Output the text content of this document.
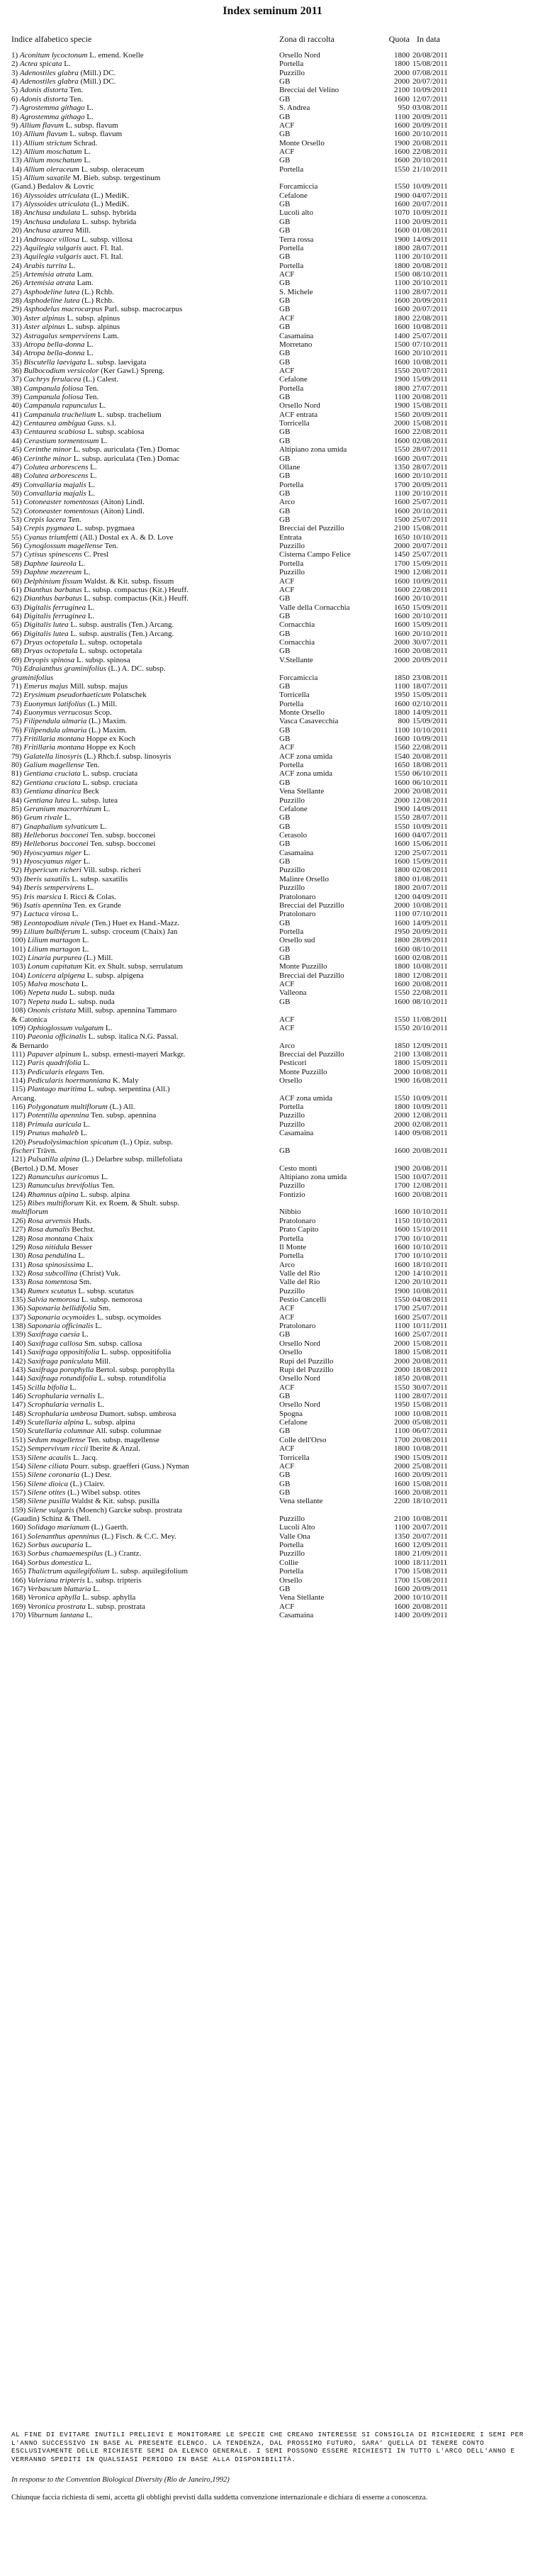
Index seminum 2011
Indice alfabetico specie	Zona di raccolta	Quota In data
1) Aconitum lycoctonum L. emend. Koelle	Orsello Nord	1800 20/08/2011
2) Actea spicata L.	Portella	1800 15/08/2011
3) Adenostiles glabra (Mill.) DC.	Puzzillo	2000 07/08/2011
4) Adenostiles glabra (Mill.) DC.	GB	2000 20/07/2011
5) Adonis distorta Ten.	Brecciai del Velino	2100 10/09/2011
6) Adonis distorta Ten.	GB	1600 12/07/2011
7) Agrostemma githago L.	S. Andrea	950 03/08/2011
8) Agrostemma githago L.	GB	1100 20/09/2011
9) Allium flavum L. subsp. flavum	ACF	1600 20/09/2011
10) Allium flavum L. subsp. flavum	GB	1600 20/10/2011
11) Allium strictum Schrad.	Monte Orsello	1900 20/08/2011
12) Allium moschatum L.	ACF	1600 22/08/2011
13) Allium moschatum L.	GB	1600 20/10/2011
14) Allium oleraceum L. subsp. oleraceum	Portella	1550 21/10/2011
15) Allium saxatile M. Bieb. subsp. tergestinum
(Gand.) Bedalov & Lovric	Forcamiccia	1550 10/09/2011
16) Alyssoides utriculata (L.) MediK.	Cefalone	1900 04/07/2011
17) Alyssoides utriculata (L.) MediK.	GB	1600 20/07/2011
18) Anchusa undulata L. subsp. hybrida	Lucoli alto	1070 10/09/2011
19) Anchusa undulata L. subsp. hybrida	GB	1100 20/09/2011
20) Anchusa azurea Mill.	GB	1600 01/08/2011
21) Androsace villosa L. subsp. villosa	Terra rossa	1900 14/09/2011
22) Aquilegia vulgaris auct. Fl. Ital.	Portella	1800 28/07/2011
23) Aquilegia vulgaris auct. Fl. Ital.	GB	1100 20/10/2011
24) Arabis turrita L.	Portella	1800 20/08/2011
25) Artemisia atrata Lam.	ACF	1500 08/10/2011
26) Artemisia atrata Lam.	GB	1100 20/10/2011
27) Asphodeline lutea (L.) Rchb.	S. Michele	1100 28/07/2011
28) Asphodeline lutea (L.) Rchb.	GB	1600 20/09/2011
29) Asphodelus macrocarpus Parl. subsp. macrocarpus	GB	1600 20/07/2011
30) Aster alpinus L. subsp. alpinus	ACF	1800 22/08/2011
31) Aster alpinus L. subsp. alpinus	GB	1600 10/08/2011
32) Astragalus sempervirens Lam.	Casamaina	1400 25/07/2011
33) Atropa bella-donna L.	Morretano	1500 07/10/2011
34) Atropa bella-donna L.	GB	1600 20/10/2011
35) Biscutella laevigata L. subsp. laevigata	GB	1600 10/08/2011
36) Bulbocodium versicolor (Ker Gawl.) Spreng.	ACF	1550 20/07/2011
37) Cachrys ferulacea (L.) Calest.	Cefalone	1900 15/09/2011
38) Campanula foliosa Ten.	Portella	1800 27/07/2011
39) Campanula foliosa Ten.	GB	1100 20/08/2011
40) Campanula rapunculus L.	Orsello Nord	1900 15/08/2011
41) Campanula trachelium L. subsp. trachelium	ACF entrata	1560 20/09/2011
42) Centaurea ambigua Guss. s.l.	Torricella	2000 15/08/2011
43) Centaurea scabiosa L. subsp. scabiosa	GB	1600 22/08/2011
44) Cerastium tormentosum L.	GB	1600 02/08/2011
45) Cerinthe minor L. subsp. auriculata (Ten.) Domac	Altipiano zona umida	1550 28/07/2011
46) Cerinthe minor L. subsp. auriculata (Ten.) Domac	GB	1600 20/07/2011
47) Colutea arborescens L.	Ollane	1350 28/07/2011
48) Colutea arborescens L.	GB	1600 20/10/2011
49) Convallaria majalis L.	Portella	1700 20/09/2011
50) Convallaria majalis L.	GB	1100 20/10/2011
51) Cotoneaster tomentosus (Aiton) Lindl.	Arco	1600 25/07/2011
52) Cotoneaster tomentosus (Aiton) Lindl.	GB	1600 20/10/2011
53) Crepis lacera Ten.	GB	1500 25/07/2011
54) Crepis pygmaea L. subsp. pygmaea	Brecciai del Puzzillo	2100 15/08/2011
55) Cyanus triumfetti (All.) Dostal ex A. & D. Love	Entrata	1650 10/10/2011
56) Cynoglossum magellense Ten.	Puzzillo	2000 20/07/2011
57) Cytisus spinescens C. Presl	Cisterna Campo Felice	1450 25/07/2011
58) Daphne laureola L.	Portella	1700 15/09/2011
59) Daphne mezereum L.	Puzzillo	1900 12/08/2011
60) Delphinium fissum Waldst. & Kit. subsp. fissum	ACF	1600 10/09/2011
61) Dianthus barbatus L. subsp. compactus (Kit.) Heuff.	ACF	1600 22/08/2011
62) Dianthus barbatus L. subsp. compactus (Kit.) Heuff.	GB	1600 20/10/2011
63) Digitalis ferruginea L.	Valle della Cornacchia	1650 15/09/2011
64) Digitalis ferruginea L.	GB	1600 20/10/2011
65) Digitalis lutea L. subsp. australis (Ten.) Arcang.	Cornacchia	1600 15/09/2011
66) Digitalis lutea L. subsp. australis (Ten.) Arcang.	GB	1600 20/10/2011
67) Dryas octopetala L. subsp. octopetala	Cornacchia	2000 30/07/2011
68) Dryas octopetala L. subsp. octopetala	GB	1600 20/08/2011
69) Dryopis spinosa L. subsp. spinosa	V.Stellante	2000 20/09/2011
70) Edraianthus graminifolius (L.) A. DC. subsp.
graminifolius	Forcamiccia	1850 23/08/2011
71) Emerus majus Mill. subsp. majus	GB	1100 18/07/2011
72) Erysimum pseudorhaeticum Polatschek	Torricella	1950 15/09/2011
73) Euonymus latifolius (L.) Mill.	Portella	1600 02/10/2011
74) Euonymus verrucosus Scop.	Monte Orsello	1800 14/09/2011
75) Filipendula ulmaria (L.) Maxim.	Vasca Casavecchia	800 15/09/2011
76) Filipendula ulmaria (L.) Maxim.	GB	1100 10/10/2011
77) Fritillaria montana Hoppe ex Koch	GB	1600 10/09/2011
78) Fritillaria montana Hoppe ex Koch	ACF	1560 22/08/2011
79) Galatella linosyris (L.) Rhcb.f. subsp. linosyris	ACF zona umida	1540 20/08/2011
80) Galium magellense Ten.	Portella	1650 18/08/2011
81) Gentiana cruciata L. subsp. cruciata	ACF zona umida	1550 06/10/2011
82) Gentiana cruciata L. subsp. cruciata	GB	1600 06/10/2011
83) Gentiana dinarica Beck	Vena Stellante	2000 20/08/2011
84) Gentiana lutea L. subsp. lutea	Puzzillo	2000 12/08/2011
85) Geranium macrorrhizum L.	Cefalone	1900 14/09/2011
86) Geum rivale L.	GB	1550 28/07/2011
87) Gnaphalium sylvaticum L.	GB	1550 10/09/2011
88) Helleborus bocconei Ten. subsp. bocconei	Cerasolo	1600 04/07/2011
89) Helleborus bocconei Ten. subsp. bocconei	GB	1600 15/06/2011
90) Hyoscyamus niger L.	Casamaina	1200 25/07/2011
91) Hyoscyamus niger L.	GB	1600 15/09/2011
92) Hypericum richeri Vill. subsp. richeri	Puzzillo	1800 02/08/2011
93) Iberis saxatilis L. subsp. saxatilis	Malinre Orsello	1800 01/08/2011
94) Iberis sempervirens L.	Puzzillo	1800 20/07/2011
95) Iris marsica I. Ricci & Colas.	Pratolonaro	1200 04/09/2011
96) Isatis apennina Ten. ex Grande	Brecciai del Puzzillo	2000 10/08/2011
97) Lactuca virosa L.	Pratolonaro	1100 07/10/2011
98) Leontopodium nivale (Ten.) Huet ex Hand.-Mazz.	GB	1600 14/09/2011
99) Lilium bulbiferum L. subsp. croceum (Chaix) Jan	Portella	1950 20/09/2011
100) Lilium martagon L.	Orsello sud	1800 28/09/2011
101) Lilium martagon L.	GB	1600 08/10/2011
102) Linaria purpurea (L.) Mill.	GB	1600 02/08/2011
103) Lonum capitatum Kit. ex Shult. subsp. serrulatum	Monte Puzzillo	1800 10/08/2011
104) Lonicera alpigena L. subsp. alpigena	Brecciai del Puzzillo	1800 12/08/2011
105) Malva moschata L.	ACF	1600 20/08/2011
106) Nepeta nuda L. subsp. nuda	Valleona	1550 22/08/2011
107) Nepeta nuda L. subsp. nuda	GB	1600 08/10/2011
108) Ononis cristata Mill. subsp. apennina Tammaro
& Catonica	ACF	1550 11/08/2011
109) Ophioglossum vulgatum L.	ACF	1550 20/10/2011
110) Paeonia officinalis L. subsp. italica N.G. Passal.
& Bernardo	Arco	1850 12/09/2011
111) Papaver alpinum L. subsp. ernesti-mayeri Markgr.	Brecciai del Puzzillo	2100 13/08/2011
112) Paris quadrifolia L.	Pesticori	1800 15/09/2011
113) Pedicularis elegans Ten.	Monte Puzzillo	2000 10/08/2011
114) Pedicularis hoermanniana K. Maly	Orsello	1900 16/08/2011
115) Plantago maritima L. subsp. serpentina (All.)
Arcang.	ACF zona umida	1550 10/09/2011
116) Polygonatum multiflorum (L.) All.	Portella	1800 10/09/2011
117) Potentilla apennina Ten. subsp. apennina	Puzzillo	2000 12/08/2011
118) Primula auricula L.	Puzzillo	2000 02/08/2011
119) Prunus mahaleb L.	Casamaina	1400 09/08/2011
120) Pseudolysimachion spicatum (L.) Opiz. subsp.
fischeri Trävn.	GB	1600 20/08/2011
121) Pulsatilla alpina (L.) Delarbre subsp. millefoliata
(Bertol.) D.M. Moser	Cesto monti	1900 20/08/2011
122) Ranunculus auricomus L.	Altipiano zona umida	1500 10/07/2011
123) Ranunculus brevifolius Ten.	Puzzillo	1700 12/08/2011
124) Rhamnus alpina L. subsp. alpina	Fontizio	1600 20/08/2011
125) Ribes multiflorum Kit. ex Roem. & Shult. subsp.
multiflorum	Nibbio	1600 10/10/2011
126) Rosa arvensis Huds.	Pratolonaro	1150 10/10/2011
127) Rosa dumalis Bechst.	Prato Capito	1600 15/10/2011
128) Rosa montana Chaix	Portella	1700 10/10/2011
129) Rosa nitidula Besser	Il Monte	1600 10/10/2011
130) Rosa pendulina L.	Portella	1700 10/10/2011
131) Rosa spinosissima L.	Arco	1600 18/10/2011
132) Rosa subcollina (Christ) Vuk.	Valle del Rio	1200 14/10/2011
133) Rosa tomentosa Sm.	Valle del Rio	1200 20/10/2011
134) Rumex scutatus L. subsp. scutatus	Puzzillo	1900 10/08/2011
135) Salvia nemorosa L. subsp. nemorosa	Pestio Cancelli	1550 04/08/2011
136) Saponaria bellidifolia Sm.	ACF	1700 25/07/2011
137) Saponaria ocymoides L. subsp. ocymoides	ACF	1600 25/07/2011
138) Saponaria officinalis L.	Pratolonaro	1100 10/11/2011
139) Saxifraga caesia L.	GB	1600 25/07/2011
140) Saxifraga callosa Sm. subsp. callosa	Orsello Nord	2000 15/08/2011
141) Saxifraga oppositifolia L. subsp. oppositifolia	Orsello	1800 15/08/2011
142) Saxifraga paniculata Mill.	Rupi del Puzzillo	2000 20/08/2011
143) Saxifraga porophylla Bertol. subsp. porophylla	Rupi del Puzzillo	2000 18/08/2011
144) Saxifraga rotundifolia L. subsp. rotundifolia	Orsello Nord	1850 20/08/2011
145) Scilla bifolia L.	ACF	1550 30/07/2011
146) Scrophularia vernalis L.	GB	1100 28/07/2011
147) Scrophularia vernalis L.	Orsello Nord	1950 15/08/2011
148) Scrophularia umbrosa Dumort. subsp. umbrosa	Spogna	1000 10/08/2011
149) Scutellaria alpina L. subsp. alpina	Cefalone	2000 05/08/2011
150) Scutellaria columnae All. subsp. columnae	GB	1100 06/07/2011
151) Sedum magellense Ten. subsp. magellense	Colle dell'Orso	1700 20/08/2011
152) Sempervivum riccii Iberite & Anzal.	ACF	1800 10/08/2011
153) Silene acaulis L. Jacq.	Torricella	1900 15/09/2011
154) Silene ciliata Pourr. subsp. graefferi (Guss.) Nyman	ACF	2000 25/08/2011
155) Silene coronaria (L.) Desr.	GB	1600 20/09/2011
156) Silene dioica (L.) Clairv.	GB	1600 15/08/2011
157) Silene otites (L.) Wibel subsp. otites	GB	1600 20/08/2011
158) Silene pusilla Waldst & Kit. subsp. pusilla	Vena stellante	2200 18/10/2011
159) Silene vulgaris (Moench) Garcke subsp. prostrata
(Gaudin) Schinz & Thell.	Puzzillo	2100 10/08/2011
160) Solidago marianum (L.) Gaerth.	Lucoli Alto	1100 20/07/2011
161) Solenanthus apenninus (L.) Fisch. & C.C. Mey.	Valle Ona	1350 20/07/2011
162) Sorbus aucuparia L.	Portella	1600 12/09/2011
163) Sorbus chamaemespilus (L.) Crantz.	Puzzillo	1800 21/09/2011
164) Sorbus domestica L.	Collie	1000 18/11/2011
165) Thalictrum aquilegifolium L. subsp. aquilegifolium	Portella	1700 15/08/2011
166) Valeriana tripteris L. subsp. tripteris	Orsello	1700 15/08/2011
167) Verbascum blattaria L.	GB	1600 20/09/2011
168) Veronica aphylla L. subsp. aphylla	Vena Stellante	2000 10/10/2011
169) Veronica prostrata L. subsp. prostrata	ACF	1600 20/08/2011
170) Viburnum lantana L.	Casamaina	1400 20/09/2011

AL FINE DI EVITARE INUTILI PRELIEVI E MONITORARE LE SPECIE CHE CREANO INTERESSE SI CONSIGLIA DI RICHIEDERE I SEMI PER L'ANNO SUCCESSIVO IN BASE AL PRESENTE ELENCO. LA TENDENZA, DAL PROSSIMO FUTURO, SARA' QUELLA DI TENERE CONTO ESCLUSIVAMENTE DELLE RICHIESTE SEMI DA ELENCO GENERALE. I SEMI POSSONO ESSERE RICHIESTI IN TUTTO L'ARCO DELL'ANNO E VERRANNO SPEDITI IN QUALSIASI PERIODO IN BASE ALLA DISPONIBILITÀ.

In response to the Convention Biological Diversity (Rio de Janeiro,1992)

Chiunque faccia richiesta di semi, accetta gli obblighi previsti dalla suddetta convenzione internazionale e dichiara di esserne a conoscenza.
